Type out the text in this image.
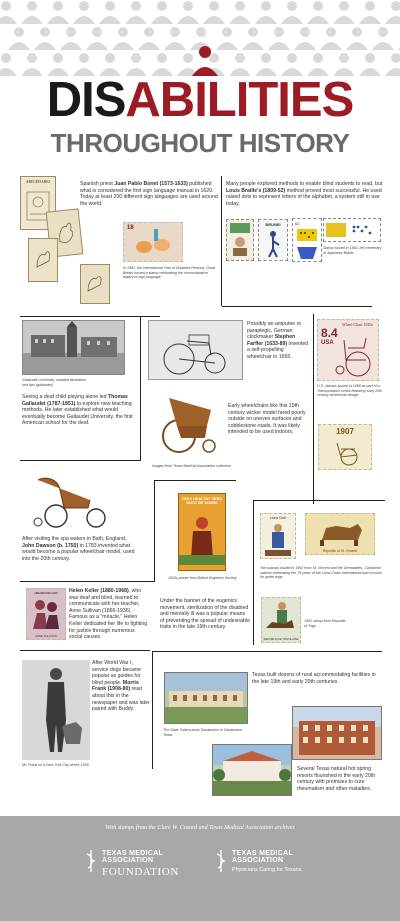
DISABILITIES
THROUGHOUT HISTORY
ABECEDARIO	Spanish priest Juan Pablo Bonet (1573-1633) published what is considered the first sign language manual in 1620. Today at least 200 different sign languages are used around the world.
18
In 1981, the International Year of Disabled Persons, Great Britain issued a stamp celebrating the communicative legacy of sign language
Many people explored methods to enable blind students to read, but Louis Braille's (1809-52) method proved most successful. He used raised dots to represent letters of the alphabet, a system still in use today.
BRUNEI	62
Stamp issued in 1992, the centenary of Japanese Braille
Gallaudet University, undated illustration
Ima tipu (gallaudet)
Seeing a deaf child playing alone led Thomas Gallaudet (1787-1851) to explore new teaching methods. He later established what would eventually become Gallaudet University, the first American school for the deaf.
Possibly an amputee or paraplegic, German clockmaker Stephen Farfler (1633-89) invented a self-propelling wheelchair in 1655.
Wheel Chair 1920s
8.4
USA
U.S. stamps issued in 1988 as part of a Transportation series featuring early 20th century wheelchair design
1907
Early wheelchairs like this 19th century wicker model fared poorly outside on uneven surfaces and cobblestone roads. It was likely intended to be used indoors.
Images from Texas Medical Association collection
After visiting the spa waters in Bath, England, John Dawson (b. 1750) in 1783 invented what would become a popular wheelchair model, used into the 20th century.
ONLY HEALTHY SEED
MUST BE SOWN!
1920s poster from British Eugenics Society
Under the banner of the eugenics movement, sterilization of the disabled and mentally ill was a popular means of preventing the spread of undesirable traits in the late 19th century.
Lions Club
Republic of St. Vincent
Two stamps issued in 1992 from St. Vincent and the Grenadines, Caribbean nations celebrating the 75 years of the Lions Clubs International and schools for guide dogs
REPUBLIQUE TOGOLAISE
1991 stamp from Republic of Togo
HELEN KELLER
ANNE SULLIVAN
Helen Keller (1880-1968), who was deaf and blind, learned to communicate with her teacher, Anne Sullivan (1866-1936). Famous as a "miracle," Helen Keller dedicated her life to fighting for justice through numerous social causes.
Mr. Frank on a New York City street, 1928
After World War I, service dogs became popular as guides for blind people. Morris Frank (1908-80) read about this in the newspaper and was later paired with Buddy.
The State Tuberculosis Sanatorium in Sanatorium, Texas
Texas built dozens of rural accommodating facilities in the late 19th and early 20th centuries.
Several Texas natural hot spring resorts flourished in the early 20th century with promises to cure rheumatism and other maladies.
With stamps from the Clare W. Cozard and Texas Medical Association archives
TEXAS MEDICAL
ASSOCIATION
FOUNDATION
TEXAS MEDICAL
ASSOCIATION
Physicians Caring for Texans
